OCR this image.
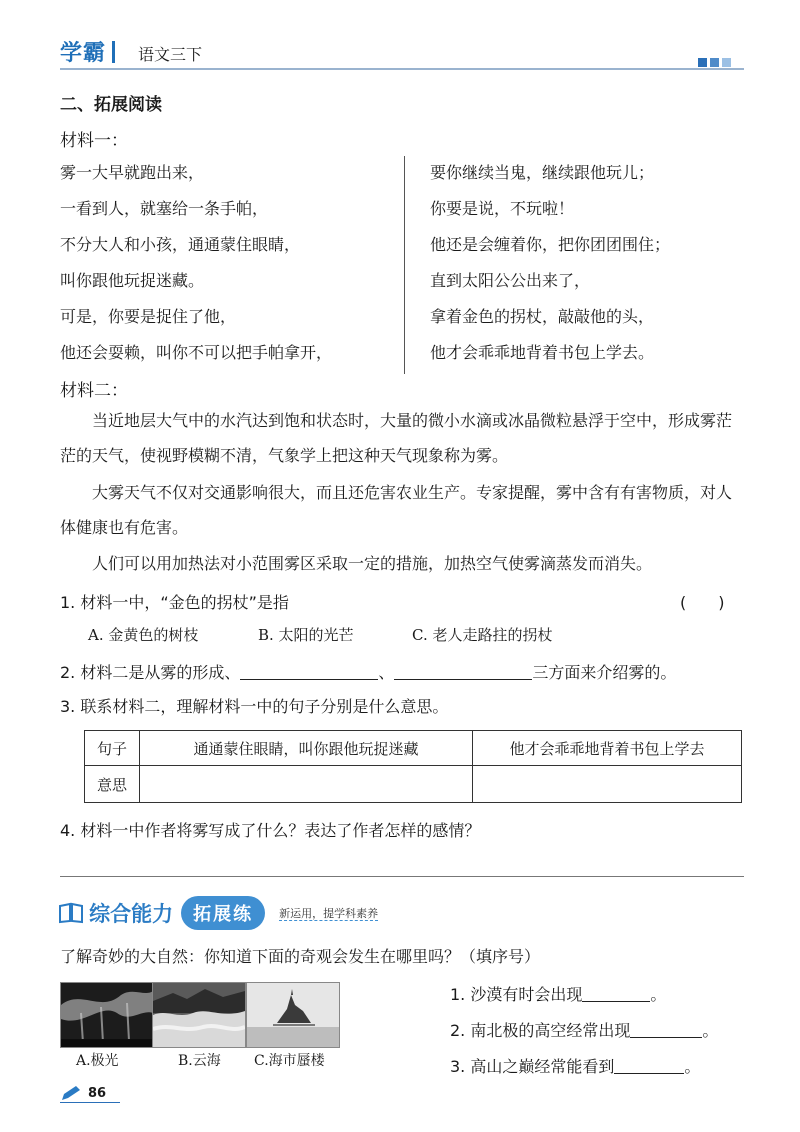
学霸	语文三下
二、拓展阅读
材料一：
雾一大早就跑出来，
一看到人，就塞给一条手帕，
不分大人和小孩，通通蒙住眼睛，
叫你跟他玩捉迷藏。
可是，你要是捉住了他，
他还会耍赖，叫你不可以把手帕拿开，
要你继续当鬼，继续跟他玩儿；
你要是说，不玩啦！
他还是会缠着你，把你团团围住；
直到太阳公公出来了，
拿着金色的拐杖，敲敲他的头，
他才会乖乖地背着书包上学去。
材料二：
当近地层大气中的水汽达到饱和状态时，大量的微小水滴或冰晶微粒悬浮于空中，形成雾茫茫的天气，使视野模糊不清，气象学上把这种天气现象称为雾。
大雾天气不仅对交通影响很大，而且还危害农业生产。专家提醒，雾中含有有害物质，对人体健康也有危害。
人们可以用加热法对小范围雾区采取一定的措施，加热空气使雾滴蒸发而消失。
1. 材料一中，“金色的拐杖”是指	(　　)
A. 金黄色的树枝	B. 太阳的光芒	C. 老人走路拄的拐杖
2. 材料二是从雾的形成、	、	三方面来介绍雾的。
3. 联系材料二，理解材料一中的句子分别是什么意思。
句子	通通蒙住眼睛，叫你跟他玩捉迷藏	他才会乖乖地背着书包上学去
意思		
4. 材料一中作者将雾写成了什么？表达了作者怎样的感情？
综合能力 拓展练 新运用，提学科素养
了解奇妙的大自然：你知道下面的奇观会发生在哪里吗？（填序号）
A.极光	B.云海 C.海市蜃楼
1. 沙漠有时会出现	。
2. 南北极的高空经常出现	。
3. 高山之巅经常能看到	。
86
